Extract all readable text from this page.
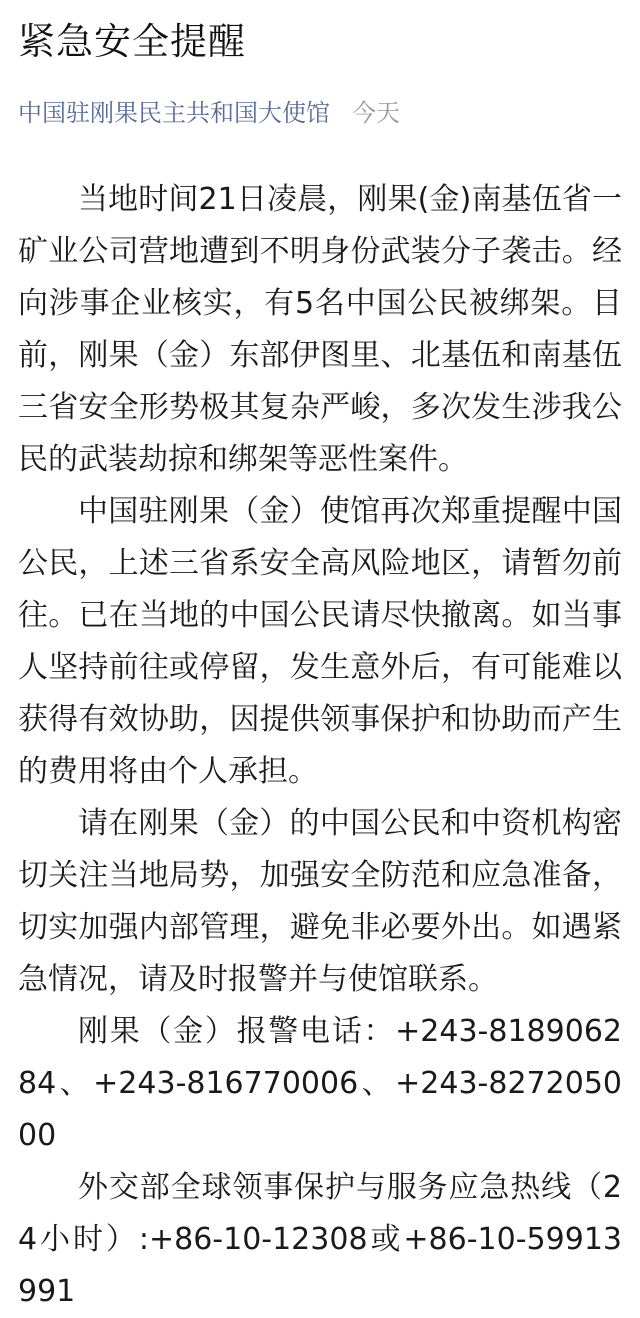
紧急安全提醒
中国驻刚果民主共和国大使馆 今天

当地时间21日凌晨，刚果(金)南基伍省一矿业公司营地遭到不明身份武装分子袭击。经向涉事企业核实，有5名中国公民被绑架。目前，刚果（金）东部伊图里、北基伍和南基伍三省安全形势极其复杂严峻，多次发生涉我公民的武装劫掠和绑架等恶性案件。

中国驻刚果（金）使馆再次郑重提醒中国公民，上述三省系安全高风险地区，请暂勿前往。已在当地的中国公民请尽快撤离。如当事人坚持前往或停留，发生意外后，有可能难以获得有效协助，因提供领事保护和协助而产生的费用将由个人承担。

请在刚果（金）的中国公民和中资机构密切关注当地局势，加强安全防范和应急准备，切实加强内部管理，避免非必要外出。如遇紧急情况，请及时报警并与使馆联系。

刚果（金）报警电话：+243-818906284、+243-816770006、+243-827205000

外交部全球领事保护与服务应急热线（24小时）:+86-10-12308或+86-10-59913991
